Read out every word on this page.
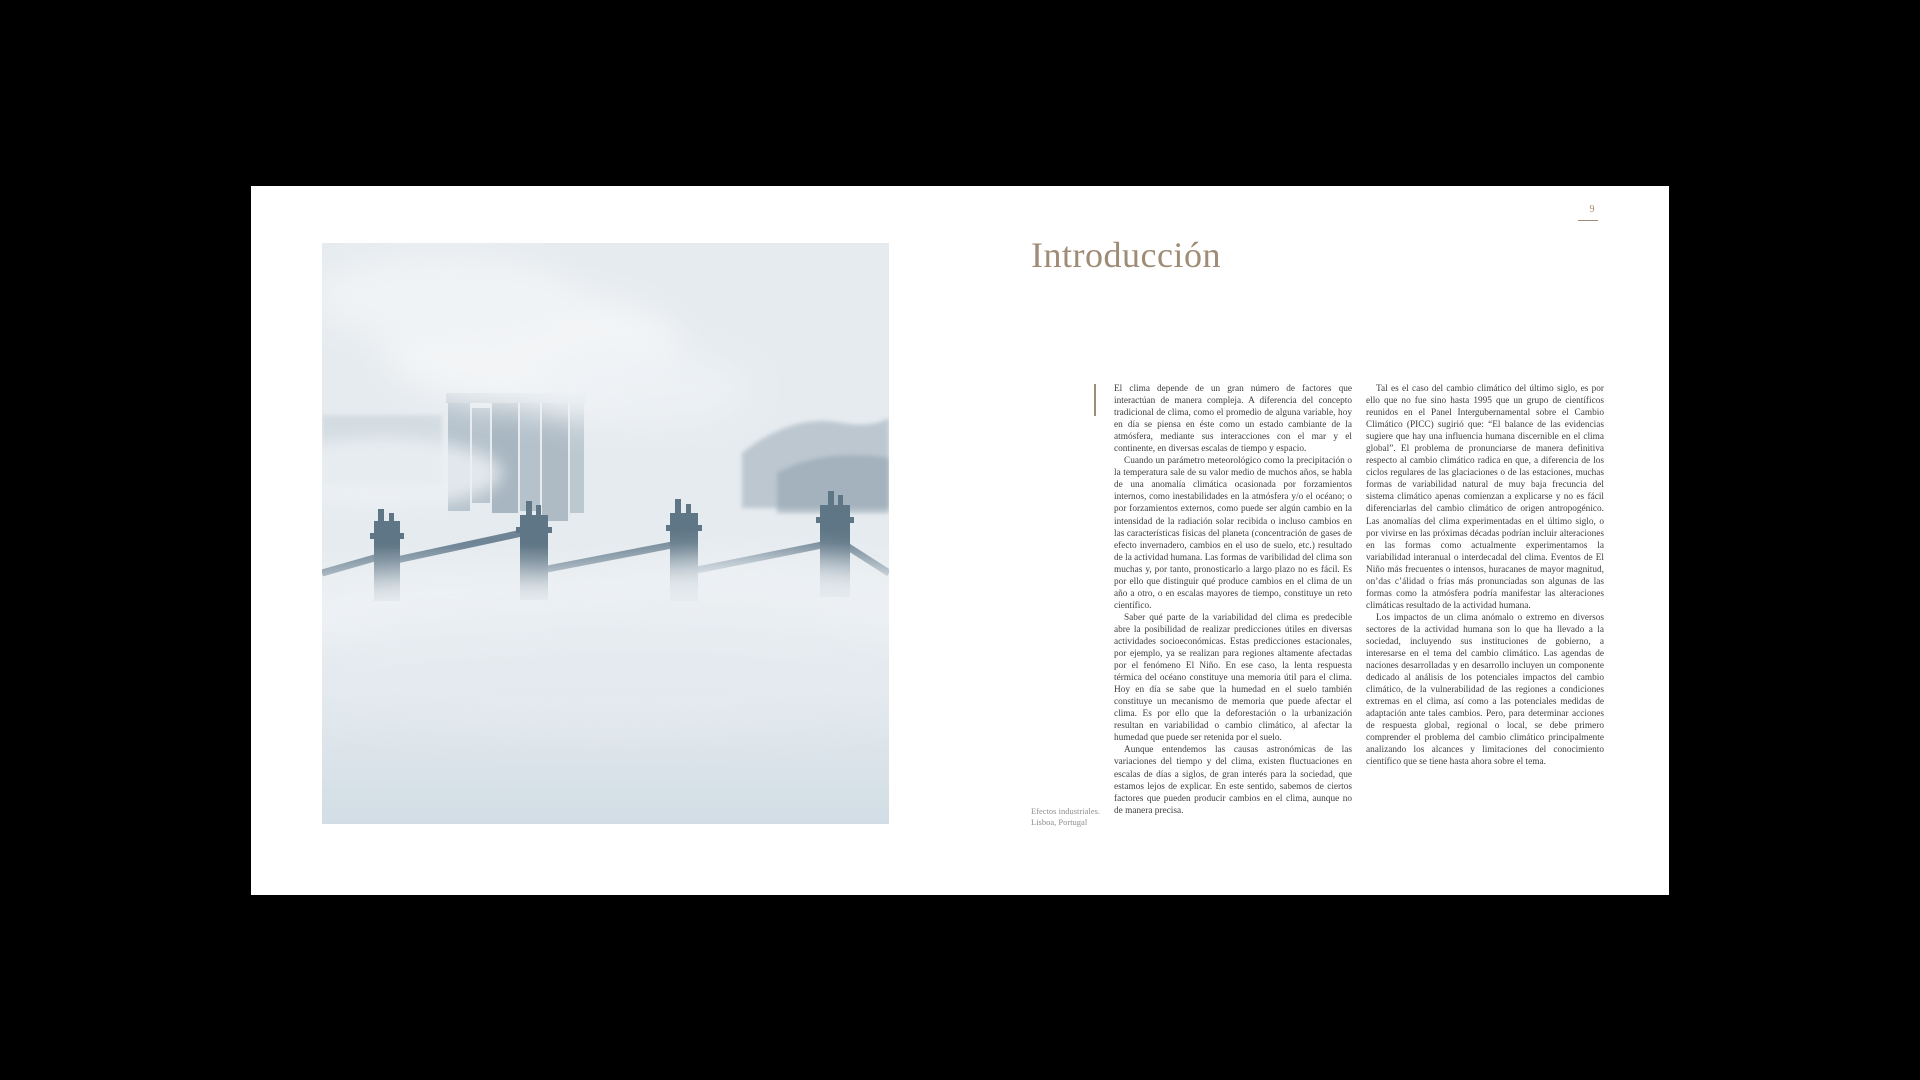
9
Introducción
Efectos industriales.
Lisboa, Portugal

El clima depende de un gran número de factores que interactúan de manera compleja. A diferencia del concepto tradicional de clima, como el promedio de alguna variable, hoy en día se piensa en éste como un estado cambiante de la atmósfera, mediante sus interacciones con el mar y el continente, en diversas escalas de tiempo y espacio.

Cuando un parámetro meteorológico como la precipitación o la temperatura sale de su valor medio de muchos años, se habla de una anomalía climática ocasionada por forzamientos internos, como inestabilidades en la atmósfera y/o el océano; o por forzamientos externos, como puede ser algún cambio en la intensidad de la radiación solar recibida o incluso cambios en las características físicas del planeta (concentración de gases de efecto invernadero, cambios en el uso de suelo, etc.) resultado de la actividad humana. Las formas de varibilidad del clima son muchas y, por tanto, pronosticarlo a largo plazo no es fácil. Es por ello que distinguir qué produce cambios en el clima de un año a otro, o en escalas mayores de tiempo, constituye un reto científico.

Saber qué parte de la variabilidad del clima es predecible abre la posibilidad de realizar predicciones útiles en diversas actividades socioeconómicas. Estas predicciones estacionales, por ejemplo, ya se realizan para regiones altamente afectadas por el fenómeno El Niño. En ese caso, la lenta respuesta térmica del océano constituye una memoria útil para el clima. Hoy en día se sabe que la humedad en el suelo también constituye un mecanismo de memoria que puede afectar el clima. Es por ello que la deforestación o la urbanización resultan en variabilidad o cambio climático, al afectar la humedad que puede ser retenida por el suelo.

Aunque entendemos las causas astronómicas de las variaciones del tiempo y del clima, existen fluctuaciones en escalas de días a siglos, de gran interés para la sociedad, que estamos lejos de explicar. En este sentido, sabemos de ciertos factores que pueden producir cambios en el clima, aunque no de manera precisa.

Tal es el caso del cambio climático del último siglo, es por ello que no fue sino hasta 1995 que un grupo de científicos reunidos en el Panel Intergubernamental sobre el Cambio Climático (PICC) sugirió que: “El balance de las evidencias sugiere que hay una influencia humana discernible en el clima global”. El problema de pronunciarse de manera definitiva respecto al cambio climático radica en que, a diferencia de los ciclos regulares de las glaciaciones o de las estaciones, muchas formas de variabilidad natural de muy baja frecuncia del sistema climático apenas comienzan a explicarse y no es fácil diferenciarlas del cambio climático de origen antropogénico. Las anomalías del clima experimentadas en el último siglo, o por vivirse en las próximas décadas podrían incluir alteraciones en las formas como actualmente experimentamos la variabilidad interanual o interdecadal del clima. Eventos de El Niño más frecuentes o intensos, huracanes de mayor magnitud, on’das c’álidad o frías más pronunciadas son algunas de las formas como la atmósfera podría manifestar las alteraciones climáticas resultado de la actividad humana.

Los impactos de un clima anómalo o extremo en diversos sectores de la actividad humana son lo que ha llevado a la sociedad, incluyendo sus instituciones de gobierno, a interesarse en el tema del cambio climático. Las agendas de naciones desarrolladas y en desarrollo incluyen un componente dedicado al análisis de los potenciales impactos del cambio climático, de la vulnerabilidad de las regiones a condiciones extremas en el clima, así como a las potenciales medidas de adaptación ante tales cambios. Pero, para determinar acciones de respuesta global, regional o local, se debe primero comprender el problema del cambio climático principalmente analizando los alcances y limitaciones del conocimiento científico que se tiene hasta ahora sobre el tema.
